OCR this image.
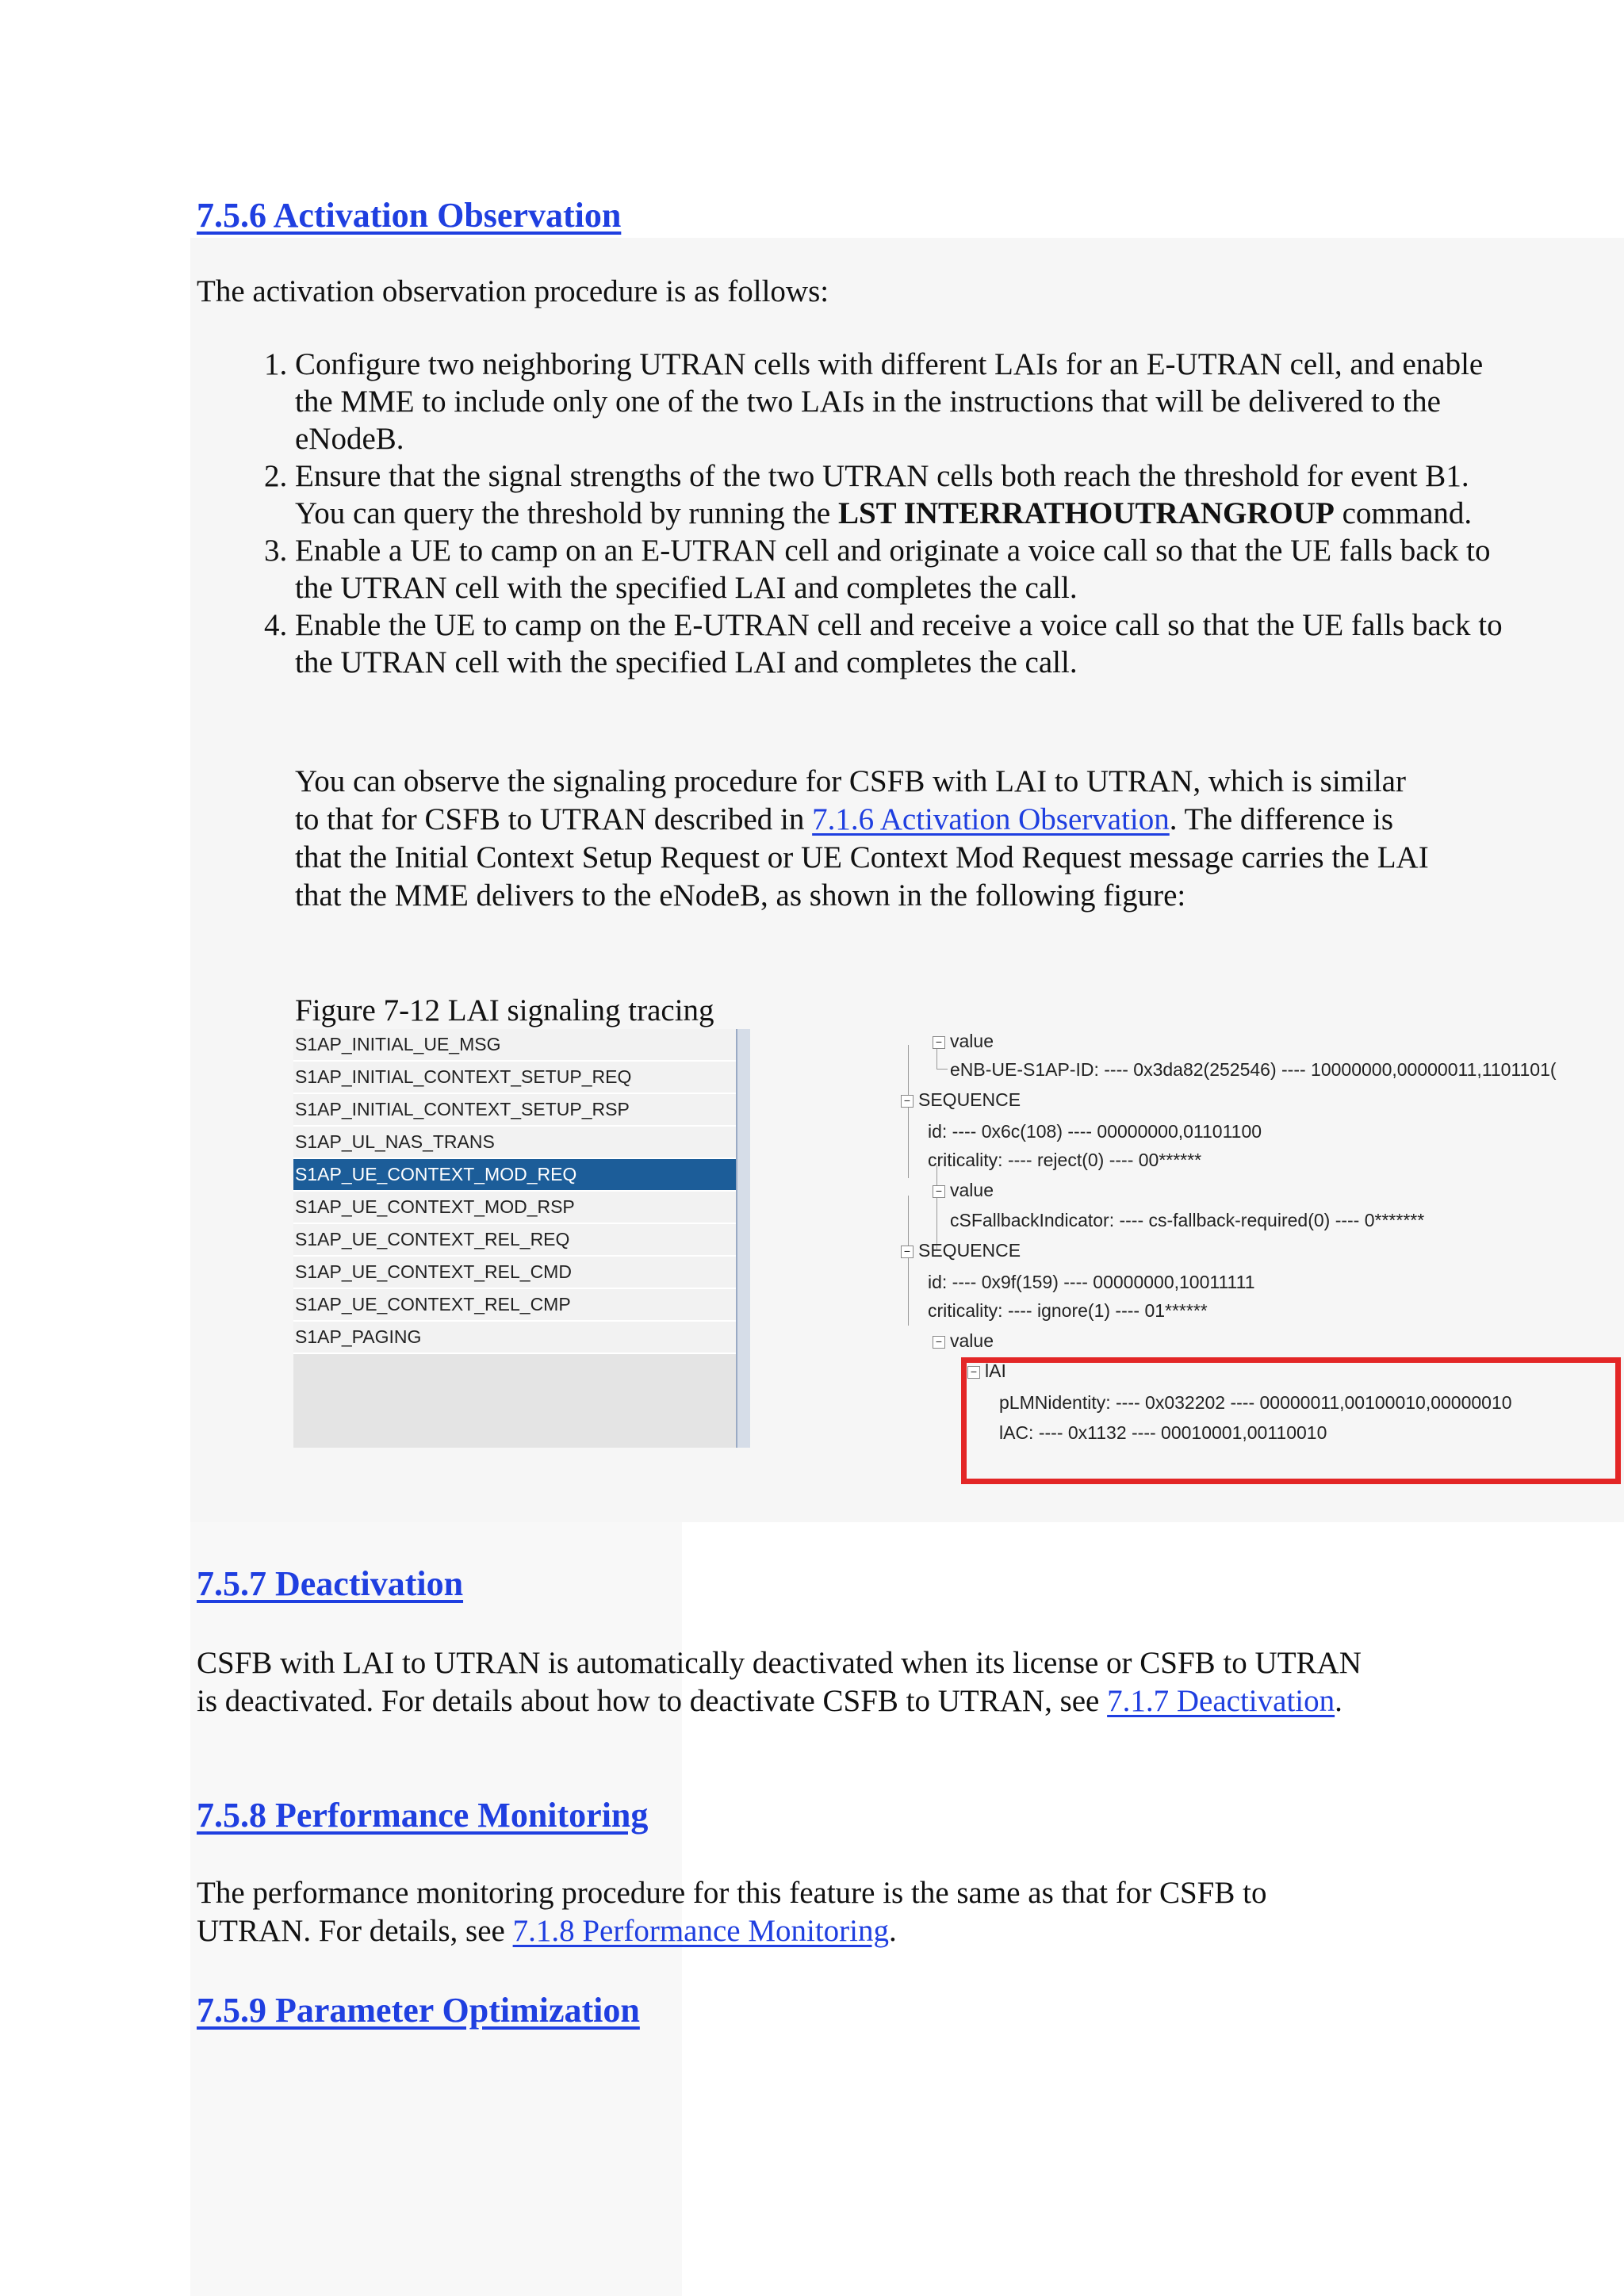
7.5.6 Activation Observation

The activation observation procedure is as follows:

1. Configure two neighboring UTRAN cells with different LAIs for an E-UTRAN cell, and enable the MME to include only one of the two LAIs in the instructions that will be delivered to the eNodeB.
2. Ensure that the signal strengths of the two UTRAN cells both reach the threshold for event B1. You can query the threshold by running the LST INTERRATHOUTRANGROUP command.
3. Enable a UE to camp on an E-UTRAN cell and originate a voice call so that the UE falls back to the UTRAN cell with the specified LAI and completes the call.
4. Enable the UE to camp on the E-UTRAN cell and receive a voice call so that the UE falls back to the UTRAN cell with the specified LAI and completes the call.

You can observe the signaling procedure for CSFB with LAI to UTRAN, which is similar to that for CSFB to UTRAN described in 7.1.6 Activation Observation. The difference is that the Initial Context Setup Request or UE Context Mod Request message carries the LAI that the MME delivers to the eNodeB, as shown in the following figure:

Figure 7-12 LAI signaling tracing
S1AP_INITIAL_UE_MSG
S1AP_INITIAL_CONTEXT_SETUP_REQ
S1AP_INITIAL_CONTEXT_SETUP_RSP
S1AP_UL_NAS_TRANS
S1AP_UE_CONTEXT_MOD_REQ
S1AP_UE_CONTEXT_MOD_RSP
S1AP_UE_CONTEXT_REL_REQ
S1AP_UE_CONTEXT_REL_CMD
S1AP_UE_CONTEXT_REL_CMP
S1AP_PAGING
− value
eNB-UE-S1AP-ID: ---- 0x3da82(252546) ---- 10000000,00000011,1101101(
− SEQUENCE
id: ---- 0x6c(108) ---- 00000000,01101100
criticality: ---- reject(0) ---- 00******
− value
cSFallbackIndicator: ---- cs-fallback-required(0) ---- 0*******
− SEQUENCE
id: ---- 0x9f(159) ---- 00000000,10011111
criticality: ---- ignore(1) ---- 01******
− value
− lAI
pLMNidentity: ---- 0x032202 ---- 00000011,00100010,00000010
lAC: ---- 0x1132 ---- 00010001,00110010
7.5.7 Deactivation

CSFB with LAI to UTRAN is automatically deactivated when its license or CSFB to UTRAN is deactivated. For details about how to deactivate CSFB to UTRAN, see 7.1.7 Deactivation.

7.5.8 Performance Monitoring

The performance monitoring procedure for this feature is the same as that for CSFB to UTRAN. For details, see 7.1.8 Performance Monitoring.

7.5.9 Parameter Optimization
